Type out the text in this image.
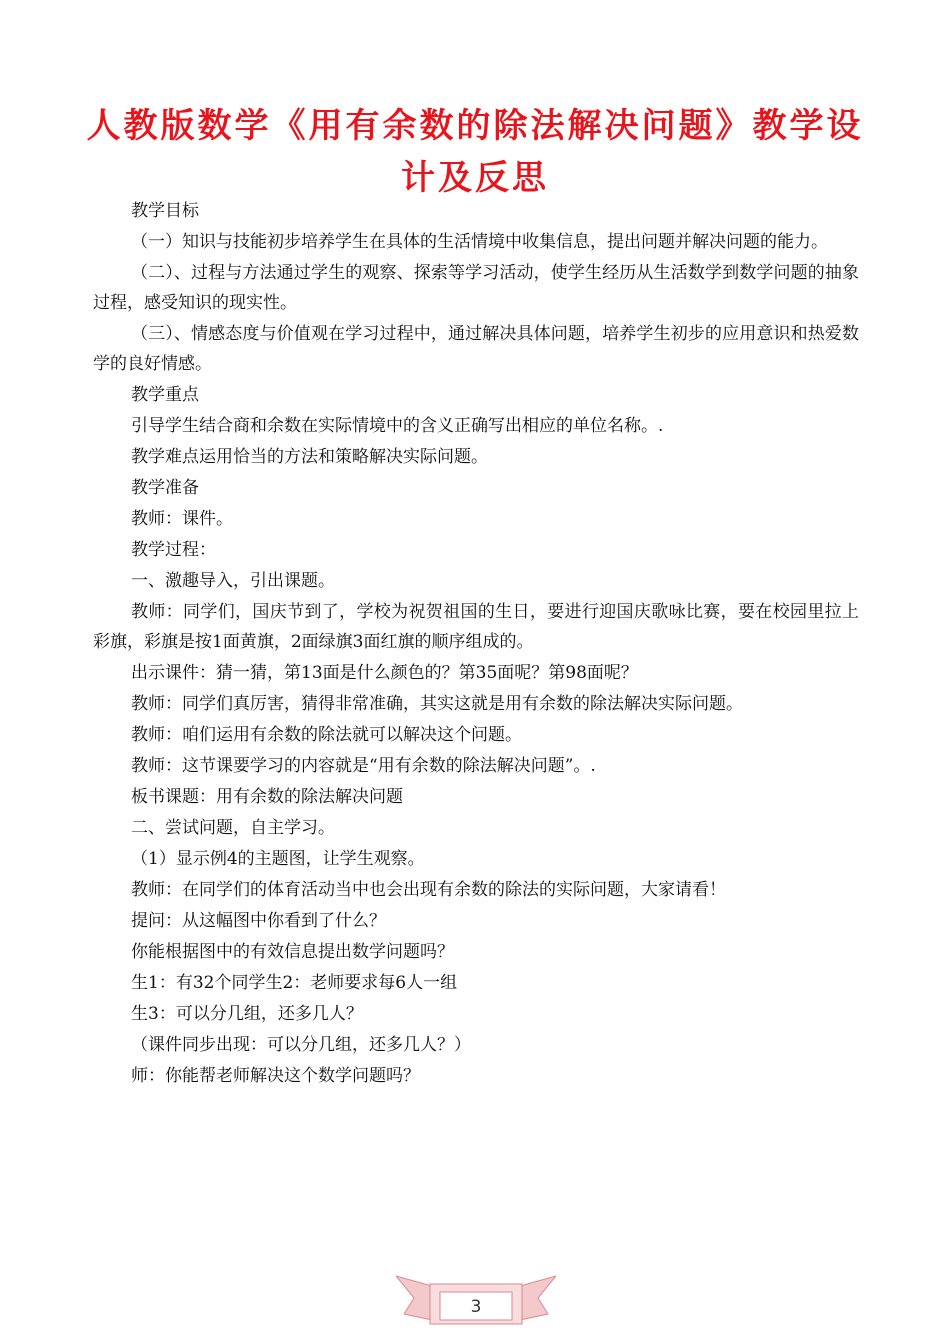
人教版数学《用有余数的除法解决问题》教学设计及反思

教学目标

（一）知识与技能初步培养学生在具体的生活情境中收集信息，提出问题并解决问题的能力。

（二）、过程与方法通过学生的观察、探索等学习活动，使学生经历从生活数学到数学问题的抽象过程，感受知识的现实性。

（三）、情感态度与价值观在学习过程中，通过解决具体问题，培养学生初步的应用意识和热爱数学的良好情感。

教学重点

引导学生结合商和余数在实际情境中的含义正确写出相应的单位名称。.

教学难点运用恰当的方法和策略解决实际问题。

教学准备

教师：课件。

教学过程：

一、激趣导入，引出课题。

教师：同学们，国庆节到了，学校为祝贺祖国的生日，要进行迎国庆歌咏比赛，要在校园里拉上彩旗，彩旗是按1面黄旗，2面绿旗3面红旗的顺序组成的。

出示课件：猜一猜，第13面是什么颜色的？第35面呢？第98面呢？

教师：同学们真厉害，猜得非常准确，其实这就是用有余数的除法解决实际问题。

教师：咱们运用有余数的除法就可以解决这个问题。

教师：这节课要学习的内容就是“用有余数的除法解决问题”。.

板书课题：用有余数的除法解决问题

二、尝试问题，自主学习。

（1）显示例4的主题图，让学生观察。

教师：在同学们的体育活动当中也会出现有余数的除法的实际问题，大家请看！

提问：从这幅图中你看到了什么？

你能根据图中的有效信息提出数学问题吗？

生1：有32个同学生2：老师要求每6人一组

生3：可以分几组，还多几人？

（课件同步出现：可以分几组，还多几人？）

师：你能帮老师解决这个数学问题吗？

3
